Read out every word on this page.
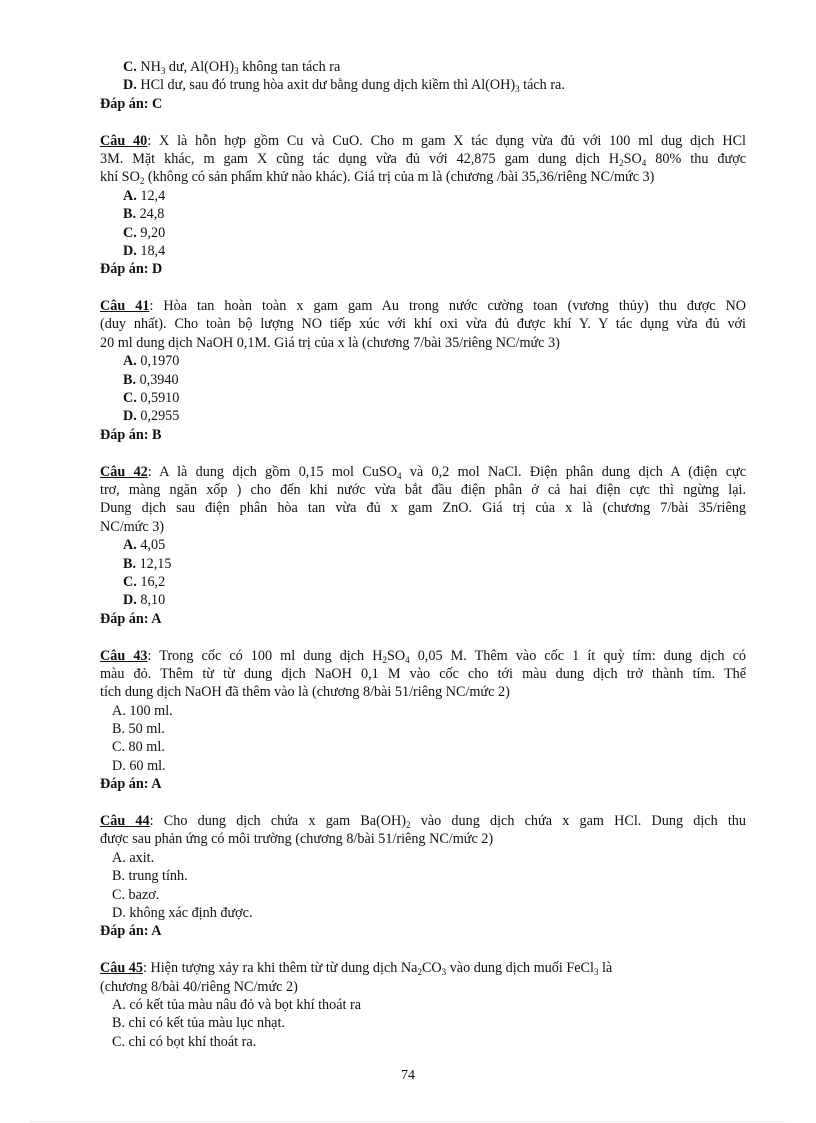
C. $NH_3$ dư, $Al(OH)_3$ không tan tách ra
D. HCl dư, sau đó trung hòa axit dư bằng dung dịch kiềm thì $Al(OH)_3$ tách ra.
Đáp án: C
Câu 40: X là hỗn hợp gồm Cu và CuO. Cho m gam X tác dụng vừa đủ với 100 ml dug dịch HCl
3M. Mặt khác, m gam X cũng tác dụng vừa đủ với 42,875 gam dung dịch $H_2SO_4$ 80% thu được
khí $SO_2$ (không có sản phẩm khử nào khác). Giá trị của m là (chương /bài 35,36/riêng NC/mức 3)
A. 12,4
B. 24,8
C. 9,20
D. 18,4
Đáp án: D
Câu 41: Hòa tan hoàn toàn x gam gam Au trong nước cường toan (vương thủy) thu được NO
(duy nhất). Cho toàn bộ lượng NO tiếp xúc với khí oxi vừa đủ được khí Y. Y tác dụng vừa đủ với
20 ml dung dịch NaOH 0,1M. Giá trị của x là (chương 7/bài 35/riêng NC/mức 3)
A. 0,1970
B. 0,3940
C. 0,5910
D. 0,2955
Đáp án: B
Câu 42: A là dung dịch gồm 0,15 mol CuSO$_4$ và 0,2 mol NaCl. Điện phân dung dịch A (điện cực
trơ, màng ngăn xốp ) cho đến khi nước vừa bắt đầu điện phân ở cả hai điện cực thì ngừng lại.
Dung dịch sau điện phân hòa tan vừa đủ x gam ZnO. Giá trị của x là (chương 7/bài 35/riêng
NC/mức 3)
A. 4,05
B. 12,15
C. 16,2
D. 8,10
Đáp án: A
Câu 43: Trong cốc có 100 ml dung dịch $H_2SO_4$ 0,05 M. Thêm vào cốc 1 ít quỳ tím: dung dịch có
màu đỏ. Thêm từ từ dung dịch NaOH 0,1 M vào cốc cho tới màu dung dịch trở thành tím. Thể
tích dung dịch NaOH đã thêm vào là (chương 8/bài 51/riêng NC/mức 2)
A. 100 ml.
B. 50 ml.
C. 80 ml.
D. 60 ml.
Đáp án: A
Câu 44: Cho dung dịch chứa x gam $Ba(OH)_2$ vào dung dịch chứa x gam HCl. Dung dịch thu
được sau phản ứng có môi trường (chương 8/bài 51/riêng NC/mức 2)
A. axit.
B. trung tính.
C. bazơ.
D. không xác định được.
Đáp án: A
Câu 45: Hiện tượng xảy ra khi thêm từ từ dung dịch $Na_2CO_3$ vào dung dịch muối FeCl$_3$ là
(chương 8/bài 40/riêng NC/mức 2)
A. có kết tủa màu nâu đỏ và bọt khí thoát ra
B. chỉ có kết tủa màu lục nhạt.
C. chỉ có bọt khí thoát ra.
74
